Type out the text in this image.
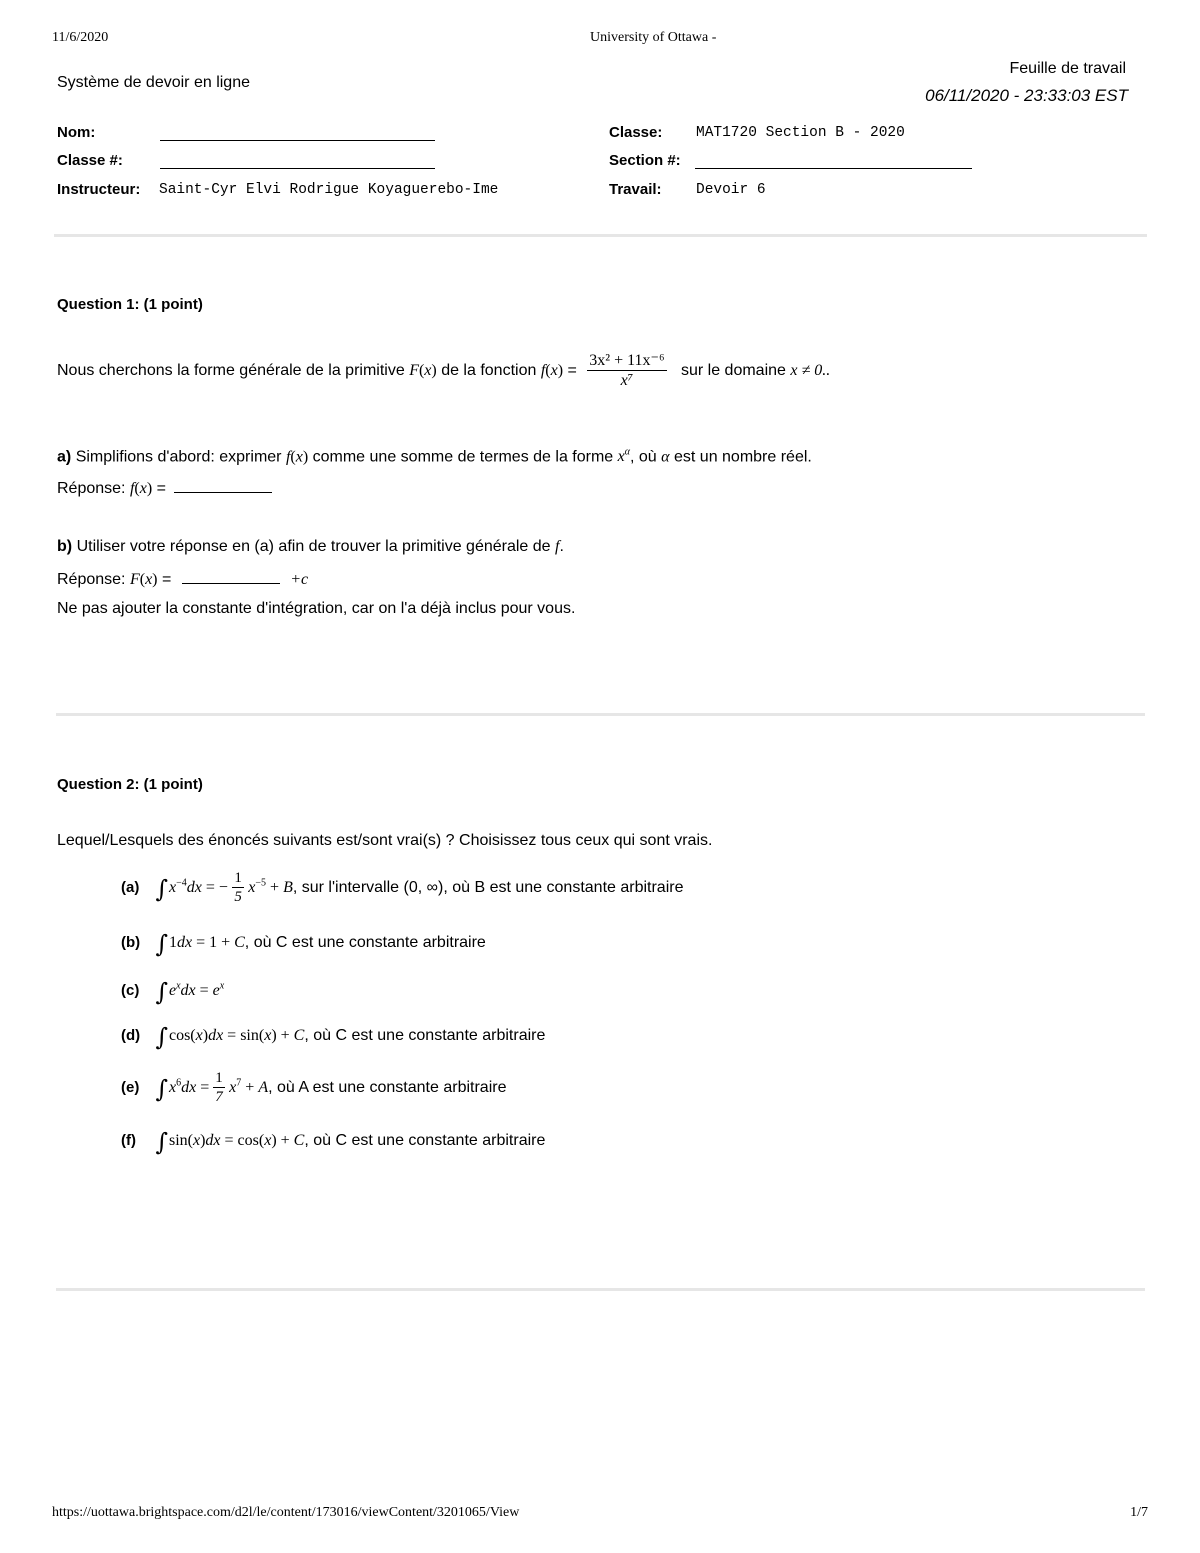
11/6/2020	University of Ottawa -
Système de devoir en ligne
Feuille de travail
06/11/2020 - 23:33:03 EST
Nom:
Classe #:
Instructeur: Saint-Cyr Elvi Rodrigue Koyaguerebo-Ime
Classe: MAT1720 Section B - 2020
Section #:
Travail: Devoir 6
Question 1: (1 point)
Nous cherchons la forme générale de la primitive F(x) de la fonction $f(x) = \frac{\text{3x² + 11x⁻⁶}}{\text{x⁷}}$ sur le domaine x ≠ 0..
a) Simplifions d'abord: exprimer f(x) comme une somme de termes de la forme $x^\alpha$, où α est un nombre réel.
Réponse: f(x) =
b) Utiliser votre réponse en (a) afin de trouver la primitive générale de f.
Réponse: F(x) =	+c
Ne pas ajouter la constante d'intégration, car on l'a déjà inclus pour vous.
Question 2: (1 point)
Lequel/Lesquels des énoncés suivants est/sont vrai(s) ? Choisissez tous ceux qui sont vrais.
(a) $\int x^{-4}dx$ = − $\frac{1}{5} x^{-5} + B$, sur l'intervalle (0, ∞), où B est une constante arbitraire
(b) ∫1dx = 1 + C, où C est une constante arbitraire
(c) $\int e^xdx = e^x$
(d) ∫cos(x)dx = sin(x) + C, où C est une constante arbitraire
(e) $\int x^6dx = \frac{1}{7} x^7 + A$, où A est une constante arbitraire
(f) ∫sin(x)dx = cos(x) + C, où C est une constante arbitraire
https://uottawa.brightspace.com/d2l/le/content/173016/viewContent/3201065/View	1/7
